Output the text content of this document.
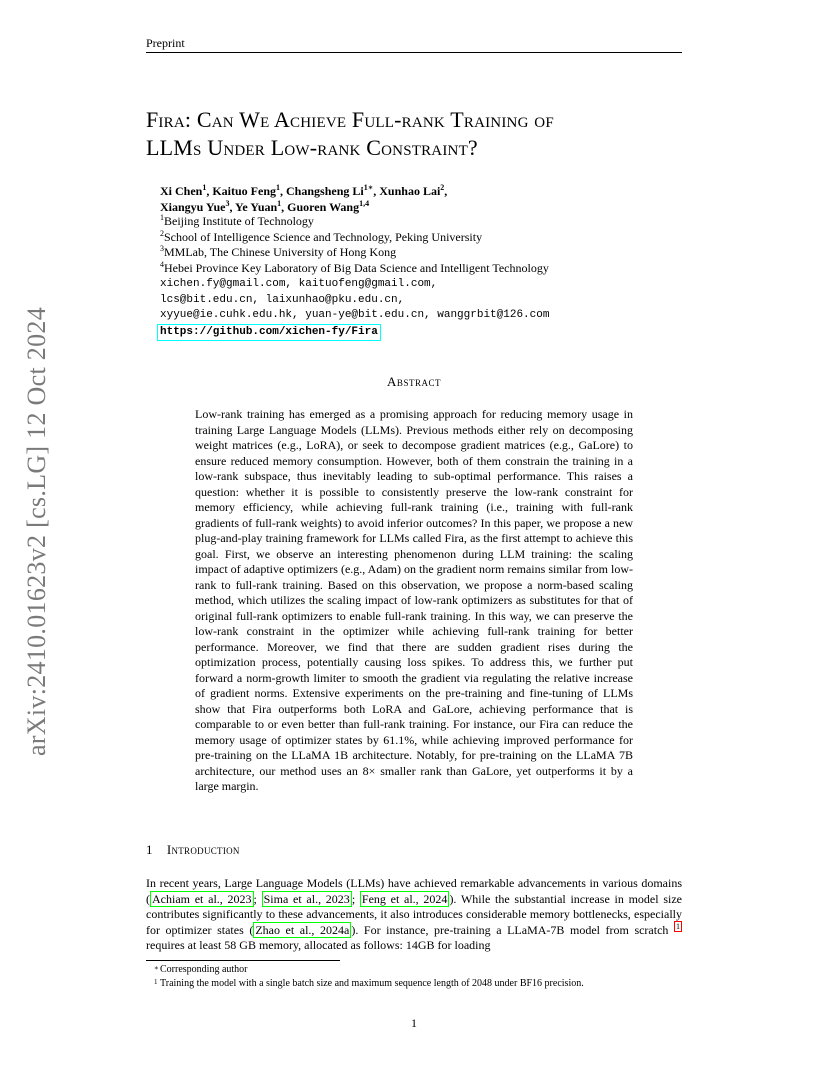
Preprint
arXiv:2410.01623v2 [cs.LG] 12 Oct 2024
Fira: Can We Achieve Full-rank Training of
LLMs Under Low-rank Constraint?
Xi Chen$^1$, Kaituo Feng$^1$, Changsheng $Li^{1∗}$, Xunhao Lai$^2$,
Xiangyu Yue$^3$, Ye Yuan$^1$, Guoren Wang$^{1,4}$
$^1$Beijing Institute of Technology
$^2$School of Intelligence Science and Technology, Peking University
$^3$MMLab, The Chinese University of Hong Kong
$^4$Hebei Province Key Laboratory of Big Data Science and Intelligent Technology
xichen.fy@gmail.com, kaituofeng@gmail.com,
lcs@bit.edu.cn, laixunhao@pku.edu.cn,
xyyue@ie.cuhk.edu.hk, yuan-ye@bit.edu.cn, wanggrbit@126.com
https://github.com/xichen-fy/Fira
Abstract
Low-rank training has emerged as a promising approach for reducing memory usage in training Large Language Models (LLMs). Previous methods either rely on decomposing weight matrices (e.g., LoRA), or seek to decompose gradient matrices (e.g., GaLore) to ensure reduced memory consumption. However, both of them constrain the training in a low-rank subspace, thus inevitably leading to sub-optimal performance. This raises a question: whether it is possible to consistently preserve the low-rank constraint for memory efficiency, while achieving full-rank training (i.e., training with full-rank gradients of full-rank weights) to avoid inferior outcomes? In this paper, we propose a new plug-and-play training framework for LLMs called Fira, as the first attempt to achieve this goal. First, we observe an interesting phenomenon during LLM training: the scaling impact of adaptive optimizers (e.g., Adam) on the gradient norm remains similar from low-rank to full-rank training. Based on this observation, we propose a norm-based scaling method, which utilizes the scaling impact of low-rank optimizers as substitutes for that of original full-rank optimizers to enable full-rank training. In this way, we can preserve the low-rank constraint in the optimizer while achieving full-rank training for better performance. Moreover, we find that there are sudden gradient rises during the optimization process, potentially causing loss spikes. To address this, we further put forward a norm-growth limiter to smooth the gradient via regulating the relative increase of gradient norms. Extensive experiments on the pre-training and fine-tuning of LLMs show that Fira outperforms both LoRA and GaLore, achieving performance that is comparable to or even better than full-rank training. For instance, our Fira can reduce the memory usage of optimizer states by 61.1%, while achieving improved performance for pre-training on the LLaMA 1B architecture. Notably, for pre-training on the LLaMA 7B architecture, our method uses an 8× smaller rank than GaLore, yet outperforms it by a large margin.
1 Introduction
In recent years, Large Language Models (LLMs) have achieved remarkable advancements in various domains ( Achiam et al., 2023 ; Sima et al., 2023 ; Feng et al., 2024 ). While the substantial increase in model size contributes significantly to these advancements, it also introduces considerable memory bottlenecks, especially for optimizer states ( Zhao et al., 2024a ). For instance, pre-training a LLaMA-7B model from scratch $^1$ requires at least 58 GB memory, allocated as follows: 14GB for loading
∗ Corresponding author
1 Training the model with a single batch size and maximum sequence length of 2048 under BF16 precision.
1
